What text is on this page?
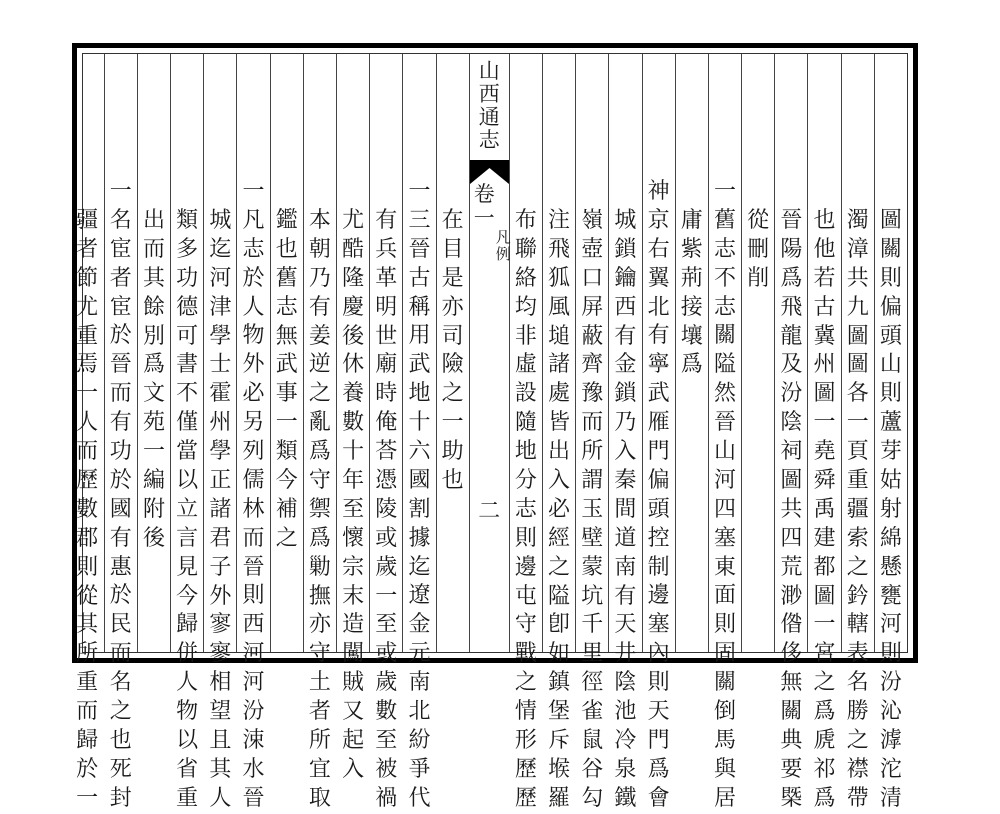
圖
關
則
偏
頭
山
則
蘆
芽
姑
射
綿
懸
甕
河
則
汾
沁
滹
沱
清
濁
漳
共
九
圖
圖
各
一
頁
重
疆
索
之
鈐
轄
表
名
勝
之
襟
帶
也
他
若
古
冀
州
圖
一
堯
舜
禹
建
都
圖
一
宮
之
爲
虒
祁
爲
晉
陽
爲
飛
龍
及
汾
陰
祠
圖
共
四
荒
渺
偺
侈
無
關
典
要
槩
從
刪
削
一
舊
志
不
志
關
隘
然
晉
山
河
四
塞
東
面
則
固
關
倒
馬
與
居
庸
紫
荊
接
壤
爲
神
京
右
翼
北
有
寧
武
雁
門
偏
頭
控
制
邊
塞
內
則
天
門
爲
會
城
鎖
鑰
西
有
金
鎖
乃
入
秦
間
道
南
有
天
井
陰
池
冷
泉
鐵
嶺
壺
口
屏
蔽
齊
豫
而
所
謂
玉
壁
蒙
坑
千
里
徑
雀
鼠
谷
勾
注
飛
狐
風
塠
諸
處
皆
出
入
必
經
之
隘
卽
如
鎮
堡
斥
堠
羅
布
聯
絡
均
非
虛
設
隨
地
分
志
則
邊
屯
守
戰
之
情
形
歷
歷
山
西
通
志
卷
一
凡
例
二
在
目
是
亦
司
險
之
一
助
也
一
三
晉
古
稱
用
武
地
十
六
國
割
據
迄
遼
金
元
南
北
紛
爭
代
有
兵
革
明
世
廟
時
俺
荅
憑
陵
或
歲
一
至
或
歲
數
至
被
禍
尤
酷
隆
慶
後
休
養
數
十
年
至
懷
宗
末
造
闖
賊
又
起
入
本
朝
乃
有
姜
逆
之
亂
爲
守
禦
爲
勦
撫
亦
守
土
者
所
宜
取
鑑
也
舊
志
無
武
事
一
類
今
補
之
一
凡
志
於
人
物
外
必
另
列
儒
林
而
晉
則
西
河
河
汾
涑
水
晉
城
迄
河
津
學
士
霍
州
學
正
諸
君
子
外
寥
寥
相
望
且
其
人
類
多
功
德
可
書
不
僅
當
以
立
言
見
今
歸
併
人
物
以
省
重
出
而
其
餘
別
爲
文
苑
一
編
附
後
一
名
宦
者
宦
於
晉
而
有
功
於
國
有
惠
於
民
而
名
之
也
死
封
疆
者
節
尤
重
焉
一
人
而
歷
數
郡
則
從
其
所
重
而
歸
於
一
